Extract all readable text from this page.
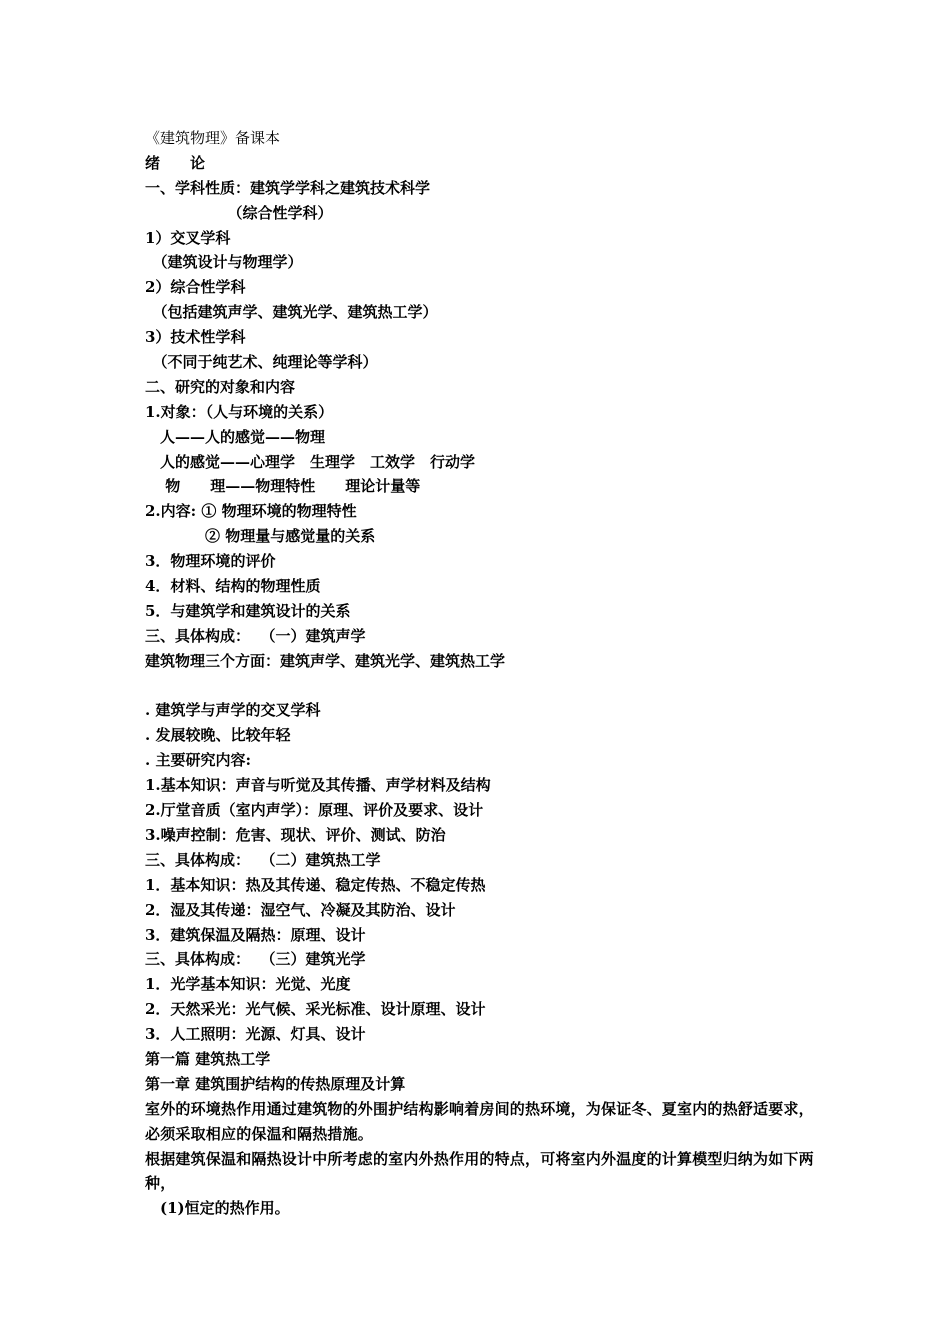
《建筑物理》备课本
绪　　论
一、学科性质：建筑学学科之建筑技术科学
　　　　　　（综合性学科）
1）交叉学科
　（建筑设计与物理学）
2）综合性学科
　（包括建筑声学、建筑光学、建筑热工学）
3）技术性学科
　（不同于纯艺术、纯理论等学科）
二、研究的对象和内容
1.对象：（人与环境的关系）
　人——人的感觉——物理
　人的感觉——心理学　生理学　工效学　行动学
　 物　　理——物理特性　　理论计量等
2.内容: ① 物理环境的物理特性
　　　　② 物理量与感觉量的关系
3．物理环境的评价
4．材料、结构的物理性质
5．与建筑学和建筑设计的关系
三、具体构成：  （一）建筑声学
建筑物理三个方面：建筑声学、建筑光学、建筑热工学
. 建筑学与声学的交叉学科
. 发展较晚、比较年轻
. 主要研究内容:
1.基本知识：声音与听觉及其传播、声学材料及结构
2.厅堂音质（室内声学）：原理、评价及要求、设计
3.噪声控制：危害、现状、评价、测试、防治
三、具体构成：  （二）建筑热工学
1．基本知识：热及其传递、稳定传热、不稳定传热
2．湿及其传递：湿空气、冷凝及其防治、设计
3．建筑保温及隔热：原理、设计
三、具体构成：  （三）建筑光学
1．光学基本知识：光觉、光度
2．天然采光：光气候、采光标准、设计原理、设计
3．人工照明：光源、灯具、设计
第一篇 建筑热工学
第一章 建筑围护结构的传热原理及计算
室外的环境热作用通过建筑物的外围护结构影响着房间的热环境，为保证冬、夏室内的热舒适要求，必须采取相应的保温和隔热措施。
根据建筑保温和隔热设计中所考虑的室内外热作用的特点，可将室内外温度的计算模型归纳为如下两种，
　(1)恒定的热作用。
